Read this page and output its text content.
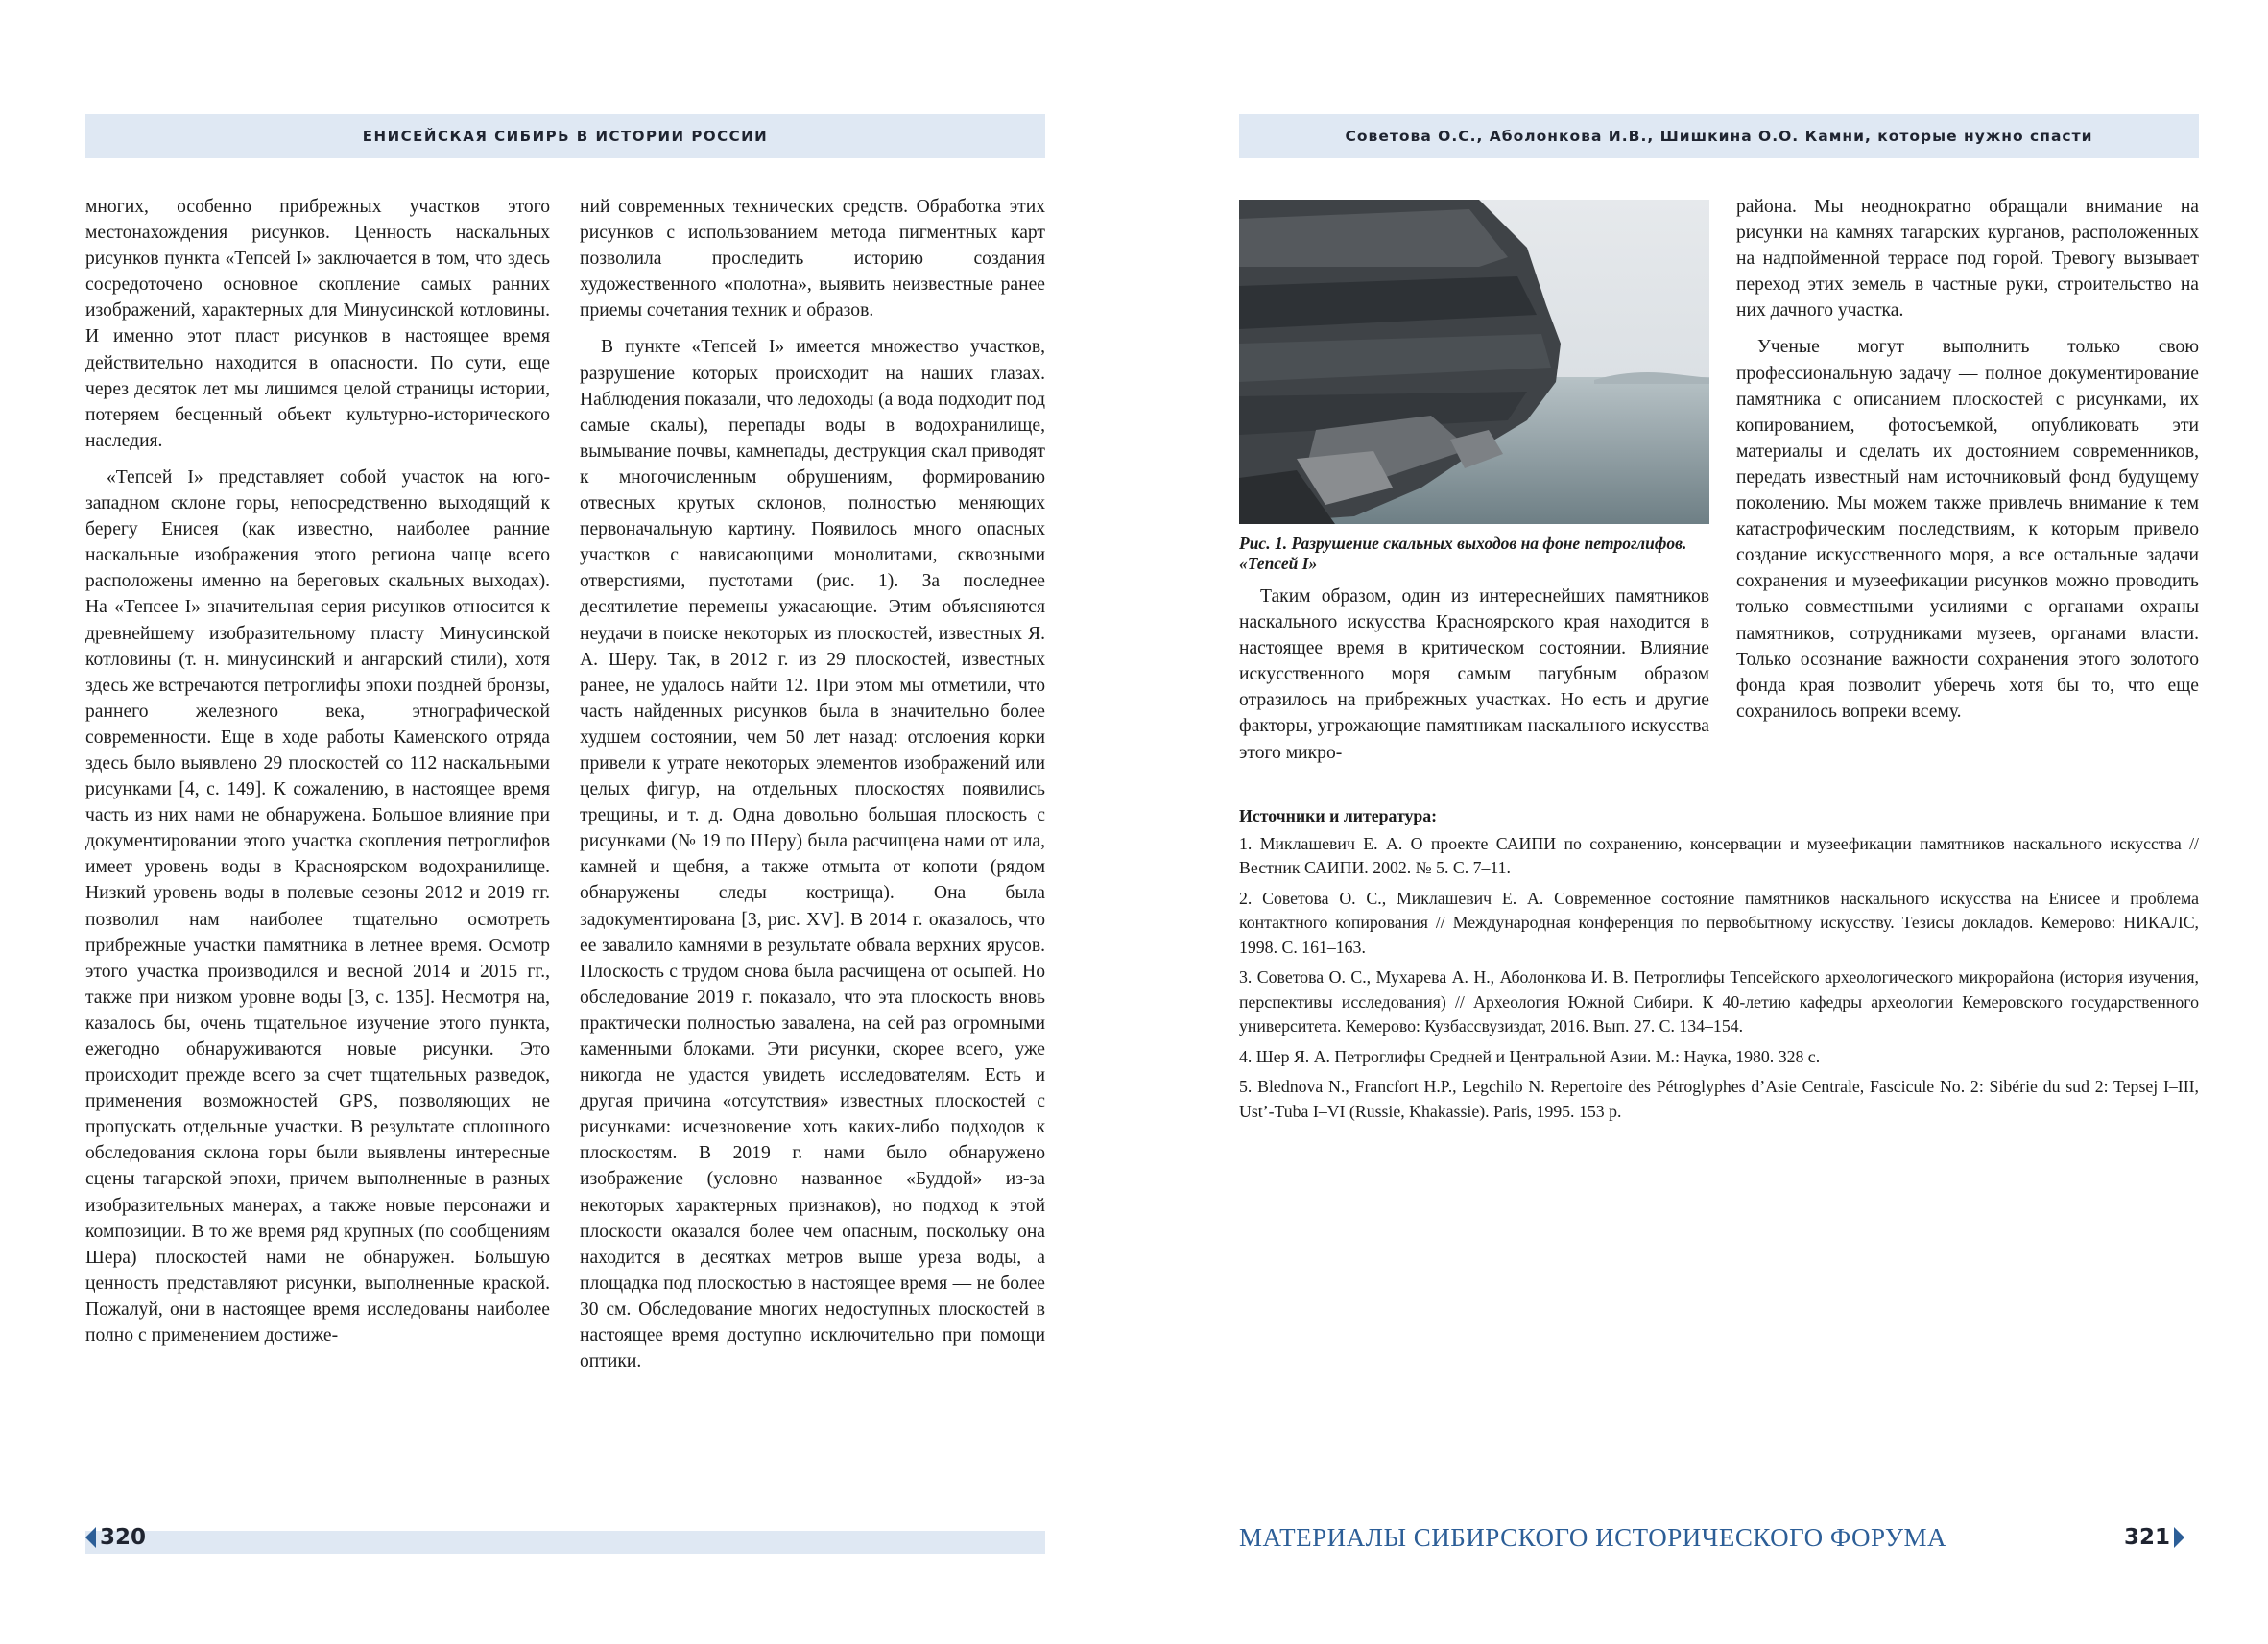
ЕНИСЕЙСКАЯ СИБИРЬ В ИСТОРИИ РОССИИ

многих, особенно прибрежных участков этого местонахождения рисунков. Ценность наскальных рисунков пункта «Тепсей I» заключается в том, что здесь сосредоточено основное скопление самых ранних изображений, характерных для Минусинской котловины. И именно этот пласт рисунков в настоящее время действительно находится в опасности. По сути, еще через десяток лет мы лишимся целой страницы истории, потеряем бесценный объект культурно-исторического наследия.

«Тепсей I» представляет собой участок на юго-западном склоне горы, непосредственно выходящий к берегу Енисея (как известно, наиболее ранние наскальные изображения этого региона чаще всего расположены именно на береговых скальных выходах). На «Тепсее I» значительная серия рисунков относится к древнейшему изобразительному пласту Минусинской котловины (т. н. минусинский и ангарский стили), хотя здесь же встречаются петроглифы эпохи поздней бронзы, раннего железного века, этнографической современности. Еще в ходе работы Каменского отряда здесь было выявлено 29 плоскостей со 112 наскальными рисунками [4, с. 149]. К сожалению, в настоящее время часть из них нами не обнаружена. Большое влияние при документировании этого участка скопления петроглифов имеет уровень воды в Красноярском водохранилище. Низкий уровень воды в полевые сезоны 2012 и 2019 гг. позволил нам наиболее тщательно осмотреть прибрежные участки памятника в летнее время. Осмотр этого участка производился и весной 2014 и 2015 гг., также при низком уровне воды [3, с. 135]. Несмотря на, казалось бы, очень тщательное изучение этого пункта, ежегодно обнаруживаются новые рисунки. Это происходит прежде всего за счет тщательных разведок, применения возможностей GPS, позволяющих не пропускать отдельные участки. В результате сплошного обследования склона горы были выявлены интересные сцены тагарской эпохи, причем выполненные в разных изобразительных манерах, а также новые персонажи и композиции. В то же время ряд крупных (по сообщениям Шера) плоскостей нами не обнаружен. Большую ценность представляют рисунки, выполненные краской. Пожалуй, они в настоящее время исследованы наиболее полно с применением достиже-

ний современных технических средств. Обработка этих рисунков с использованием метода пигментных карт позволила проследить историю создания художественного «полотна», выявить неизвестные ранее приемы сочетания техник и образов.

В пункте «Тепсей I» имеется множество участков, разрушение которых происходит на наших глазах. Наблюдения показали, что ледоходы (а вода подходит под самые скалы), перепады воды в водохранилище, вымывание почвы, камнепады, деструкция скал приводят к многочисленным обрушениям, формированию отвесных крутых склонов, полностью меняющих первоначальную картину. Появилось много опасных участков с нависающими монолитами, сквозными отверстиями, пустотами (рис. 1). За последнее десятилетие перемены ужасающие. Этим объясняются неудачи в поиске некоторых из плоскостей, известных Я. А. Шеру. Так, в 2012 г. из 29 плоскостей, известных ранее, не удалось найти 12. При этом мы отметили, что часть найденных рисунков была в значительно более худшем состоянии, чем 50 лет назад: отслоения корки привели к утрате некоторых элементов изображений или целых фигур, на отдельных плоскостях появились трещины, и т. д. Одна довольно большая плоскость с рисунками (№ 19 по Шеру) была расчищена нами от ила, камней и щебня, а также отмыта от копоти (рядом обнаружены следы кострища). Она была задокументирована [3, рис. XV]. В 2014 г. оказалось, что ее завалило камнями в результате обвала верхних ярусов. Плоскость с трудом снова была расчищена от осыпей. Но обследование 2019 г. показало, что эта плоскость вновь практически полностью завалена, на сей раз огромными каменными блоками. Эти рисунки, скорее всего, уже никогда не удастся увидеть исследователям. Есть и другая причина «отсутствия» известных плоскостей с рисунками: исчезновение хоть каких-либо подходов к плоскостям. В 2019 г. нами было обнаружено изображение (условно названное «Буддой» из-за некоторых характерных признаков), но подход к этой плоскости оказался более чем опасным, поскольку она находится в десятках метров выше уреза воды, а площадка под плоскостью в настоящее время — не более 30 см. Обследование многих недоступных плоскостей в настоящее время доступно исключительно при помощи оптики.

320
Советова О.С., Аболонкова И.В., Шишкина О.О. Камни, которые нужно спасти
Рис. 1. Разрушение скальных выходов на фоне петроглифов. «Тепсей I»

Таким образом, один из интереснейших памятников наскального искусства Красноярского края находится в настоящее время в критическом состоянии. Влияние искусственного моря самым пагубным образом отразилось на прибрежных участках. Но есть и другие факторы, угрожающие памятникам наскального искусства этого микро-

района. Мы неоднократно обращали внимание на рисунки на камнях тагарских курганов, расположенных на надпойменной террасе под горой. Тревогу вызывает переход этих земель в частные руки, строительство на них дачного участка.

Ученые могут выполнить только свою профессиональную задачу — полное документирование памятника с описанием плоскостей с рисунками, их копированием, фотосъемкой, опубликовать эти материалы и сделать их достоянием современников, передать известный нам источниковый фонд будущему поколению. Мы можем также привлечь внимание к тем катастрофическим последствиям, к которым привело создание искусственного моря, а все остальные задачи сохранения и музеефикации рисунков можно проводить только совместными усилиями с органами охраны памятников, сотрудниками музеев, органами власти. Только осознание важности сохранения этого золотого фонда края позволит уберечь хотя бы то, что еще сохранилось вопреки всему.

Источники и литература:
1. Миклашевич Е. А. О проекте САИПИ по сохранению, консервации и музеефикации памятников наскального искусства // Вестник САИПИ. 2002. № 5. С. 7–11.
2. Советова О. С., Миклашевич Е. А. Современное состояние памятников наскального искусства на Енисее и проблема контактного копирования // Международная конференция по первобытному искусству. Тезисы докладов. Кемерово: НИКАЛС, 1998. С. 161–163.
3. Советова О. С., Мухарева А. Н., Аболонкова И. В. Петроглифы Тепсейского археологического микрорайона (история изучения, перспективы исследования) // Археология Южной Сибири. К 40-летию кафедры археологии Кемеровского государственного университета. Кемерово: Кузбассвузиздат, 2016. Вып. 27. С. 134–154.
4. Шер Я. А. Петроглифы Средней и Центральной Азии. М.: Наука, 1980. 328 с.
5. Blednova N., Francfort H.P., Legchilo N. Repertoire des Pétroglyphes d’Asie Centrale, Fascicule No. 2: Sibérie du sud 2: Tepsej I–III, Ust’-Tuba I–VI (Russie, Khakassie). Paris, 1995. 153 p.
МАТЕРИАЛЫ СИБИРСКОГО ИСТОРИЧЕСКОГО ФОРУМА	321
